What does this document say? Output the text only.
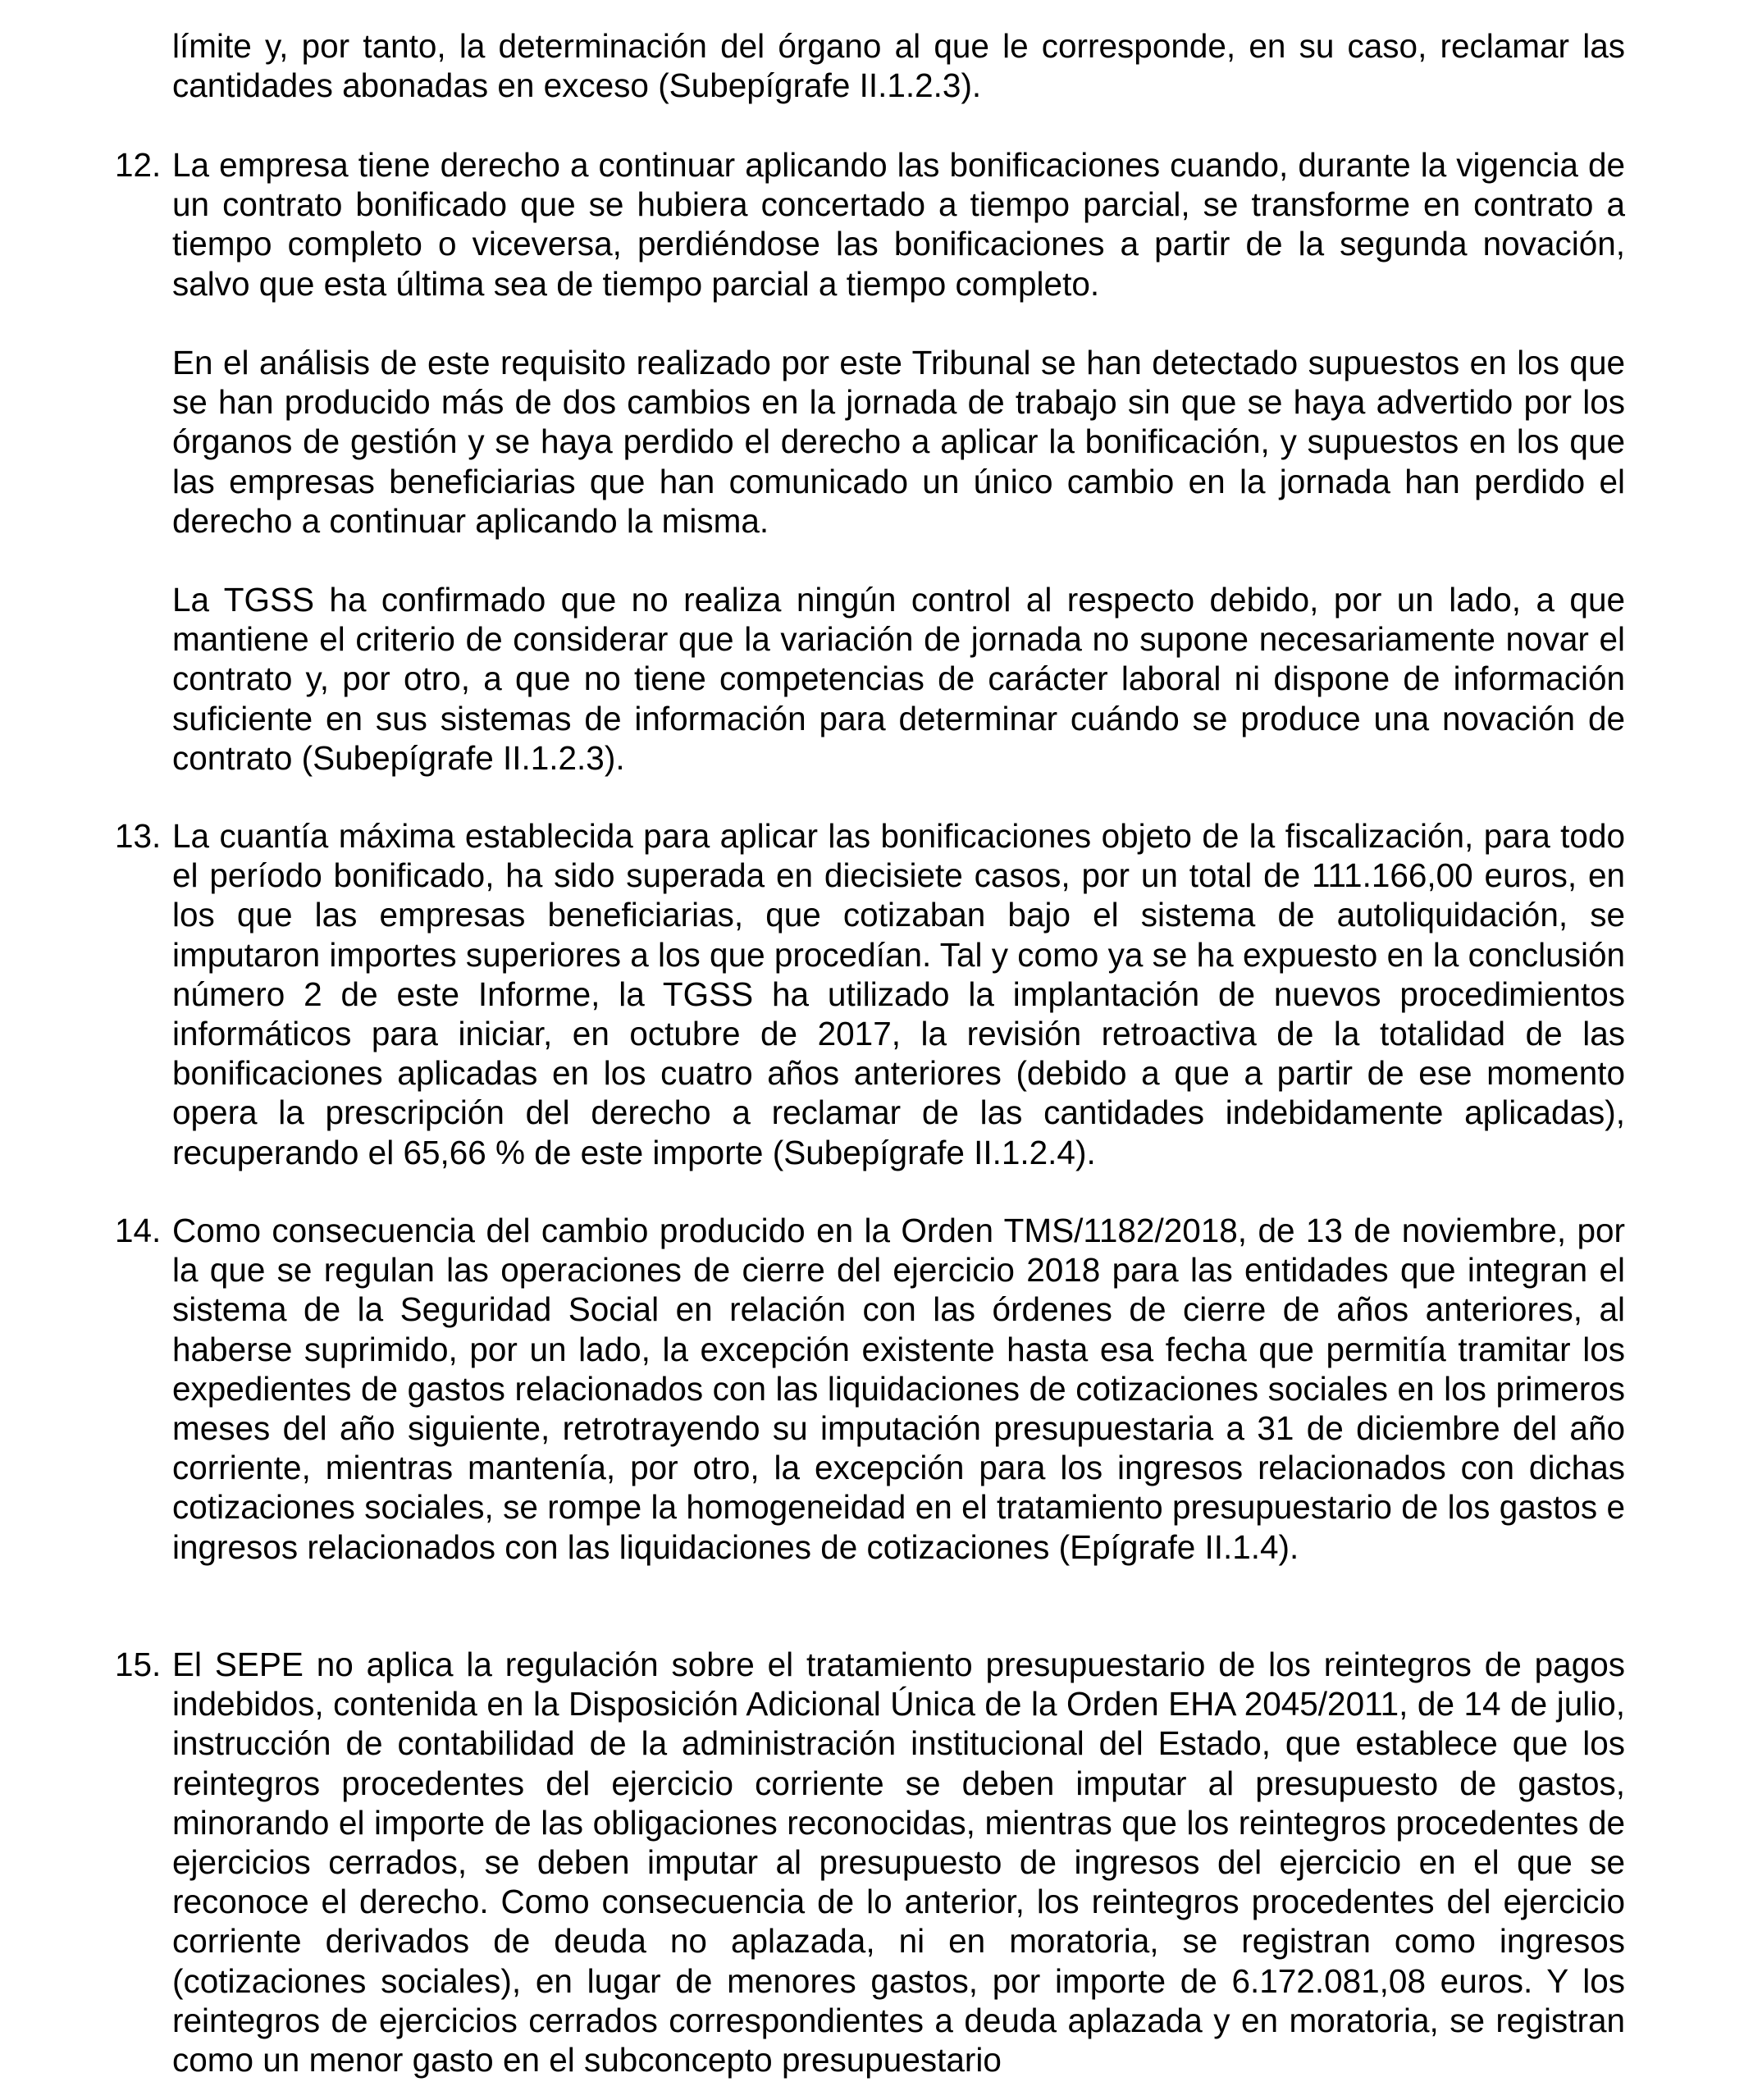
límite y, por tanto, la determinación del órgano al que le corresponde, en su caso, reclamar las cantidades abonadas en exceso (Subepígrafe II.1.2.3).

12. La empresa tiene derecho a continuar aplicando las bonificaciones cuando, durante la vigencia de un contrato bonificado que se hubiera concertado a tiempo parcial, se transforme en contrato a tiempo completo o viceversa, perdiéndose las bonificaciones a partir de la segunda novación, salvo que esta última sea de tiempo parcial a tiempo completo.

En el análisis de este requisito realizado por este Tribunal se han detectado supuestos en los que se han producido más de dos cambios en la jornada de trabajo sin que se haya advertido por los órganos de gestión y se haya perdido el derecho a aplicar la bonificación, y supuestos en los que las empresas beneficiarias que han comunicado un único cambio en la jornada han perdido el derecho a continuar aplicando la misma.

La TGSS ha confirmado que no realiza ningún control al respecto debido, por un lado, a que mantiene el criterio de considerar que la variación de jornada no supone necesariamente novar el contrato y, por otro, a que no tiene competencias de carácter laboral ni dispone de información suficiente en sus sistemas de información para determinar cuándo se produce una novación de contrato (Subepígrafe II.1.2.3).

13. La cuantía máxima establecida para aplicar las bonificaciones objeto de la fiscalización, para todo el período bonificado, ha sido superada en diecisiete casos, por un total de 111.166,00 euros, en los que las empresas beneficiarias, que cotizaban bajo el sistema de autoliquidación, se imputaron importes superiores a los que procedían. Tal y como ya se ha expuesto en la conclusión número 2 de este Informe, la TGSS ha utilizado la implantación de nuevos procedimientos informáticos para iniciar, en octubre de 2017, la revisión retroactiva de la totalidad de las bonificaciones aplicadas en los cuatro años anteriores (debido a que a partir de ese momento opera la prescripción del derecho a reclamar de las cantidades indebidamente aplicadas), recuperando el 65,66 % de este importe (Subepígrafe II.1.2.4).

14. Como consecuencia del cambio producido en la Orden TMS/1182/2018, de 13 de noviembre, por la que se regulan las operaciones de cierre del ejercicio 2018 para las entidades que integran el sistema de la Seguridad Social en relación con las órdenes de cierre de años anteriores, al haberse suprimido, por un lado, la excepción existente hasta esa fecha que permitía tramitar los expedientes de gastos relacionados con las liquidaciones de cotizaciones sociales en los primeros meses del año siguiente, retrotrayendo su imputación presupuestaria a 31 de diciembre del año corriente, mientras mantenía, por otro, la excepción para los ingresos relacionados con dichas cotizaciones sociales, se rompe la homogeneidad en el tratamiento presupuestario de los gastos e ingresos relacionados con las liquidaciones de cotizaciones (Epígrafe II.1.4).

15. El SEPE no aplica la regulación sobre el tratamiento presupuestario de los reintegros de pagos indebidos, contenida en la Disposición Adicional Única de la Orden EHA 2045/2011, de 14 de julio, instrucción de contabilidad de la administración institucional del Estado, que establece que los reintegros procedentes del ejercicio corriente se deben imputar al presupuesto de gastos, minorando el importe de las obligaciones reconocidas, mientras que los reintegros procedentes de ejercicios cerrados, se deben imputar al presupuesto de ingresos del ejercicio en el que se reconoce el derecho. Como consecuencia de lo anterior, los reintegros procedentes del ejercicio corriente derivados de deuda no aplazada, ni en moratoria, se registran como ingresos (cotizaciones sociales), en lugar de menores gastos, por importe de 6.172.081,08 euros. Y los reintegros de ejercicios cerrados correspondientes a deuda aplazada y en moratoria, se registran como un menor gasto en el subconcepto presupuestario
